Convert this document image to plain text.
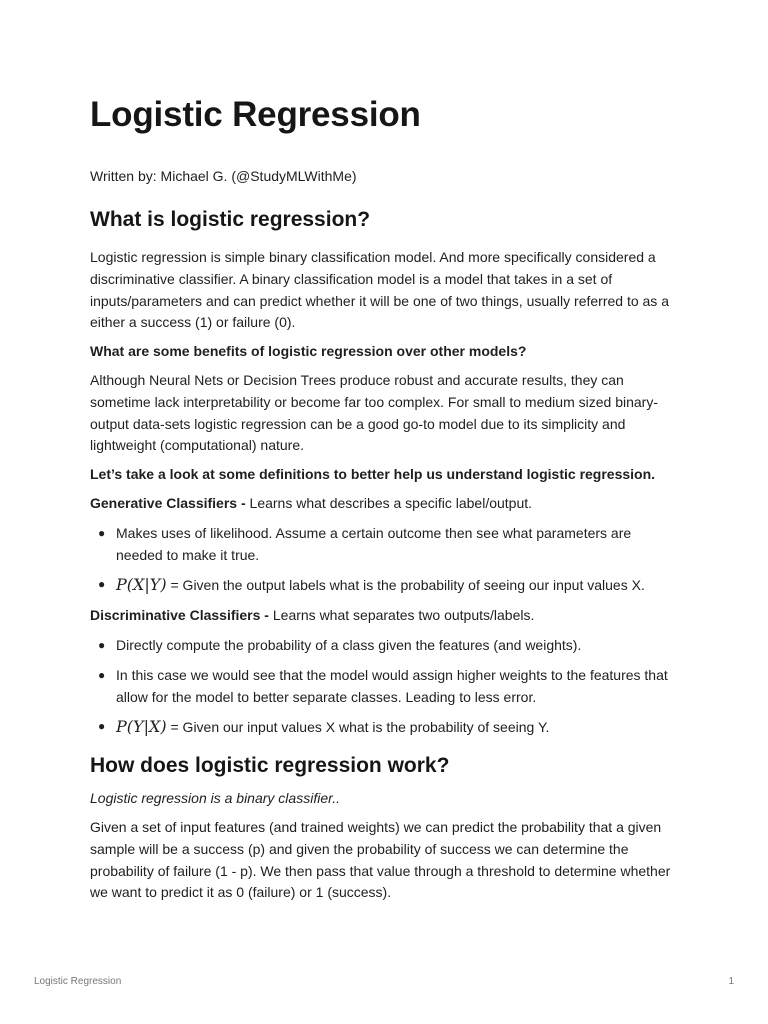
Logistic Regression

Written by: Michael G. (@StudyMLWithMe)

What is logistic regression?

Logistic regression is simple binary classification model. And more specifically considered a discriminative classifier. A binary classification model is a model that takes in a set of inputs/parameters and can predict whether it will be one of two things, usually referred to as a either a success (1) or failure (0).

What are some benefits of logistic regression over other models?

Although Neural Nets or Decision Trees produce robust and accurate results, they can sometime lack interpretability or become far too complex. For small to medium sized binary-output data-sets logistic regression can be a good go-to model due to its simplicity and lightweight (computational) nature.

Let’s take a look at some definitions to better help us understand logistic regression.

Generative Classifiers - Learns what describes a specific label/output.

● Makes uses of likelihood. Assume a certain outcome then see what parameters are needed to make it true.
● P(X|Y) = Given the output labels what is the probability of seeing our input values X.

Discriminative Classifiers - Learns what separates two outputs/labels.

● Directly compute the probability of a class given the features (and weights).
● In this case we would see that the model would assign higher weights to the features that allow for the model to better separate classes. Leading to less error.
● P(Y|X) = Given our input values X what is the probability of seeing Y.
How does logistic regression work?

Logistic regression is a binary classifier..

Given a set of input features (and trained weights) we can predict the probability that a given sample will be a success (p) and given the probability of success we can determine the probability of failure (1 - p). We then pass that value through a threshold to determine whether we want to predict it as 0 (failure) or 1 (success).

Logistic Regression	1
